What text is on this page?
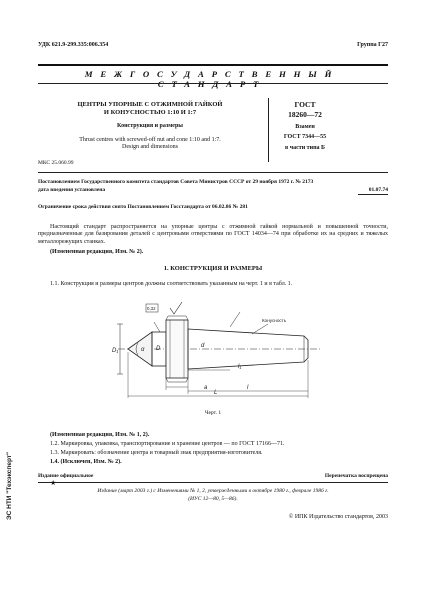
УДК 621.9-299.335:006.354	Группа Г27
МЕЖГОСУДАРСТВЕННЫЙ СТАНДАРТ
ЦЕНТРЫ УПОРНЫЕ С ОТЖИМНОЙ ГАЙКОЙ
И КОНУСНОСТЬЮ 1:10 И 1:7
Конструкция и размеры
Thrust centres with screwed-off nut and cone 1:10 and 1:7.
Design and dimensions
ГОСТ
18260—72
Взамен
ГОСТ 7344—55
в части типа Б
МКС 25.060.99
Постановлением Государственного комитета стандартов Совета Министров СССР от 29 ноября 1972 г. № 2173
дата введения установлена	01.07.74
Ограничение срока действия снято Постановлением Госстандарта от 06.02.86 № 281
Настоящий стандарт распространяется на упорные центры с отжимной гайкой нормальной и повышенной точности, предназначенные для базирования деталей с центровыми отверстиями по ГОСТ 14034—74 при обработке их на средних и тяжелых металлорежущих станках.
(Измененная редакция, Изм. № 2).
1. КОНСТРУКЦИЯ И РАЗМЕРЫ
1.1. Конструкция и размеры центров должны соответствовать указанным на черт. 1 и в табл. 1.
Конусность
α
d
D
D₁
l₁
a	l
L
0,32
Черт. 1
(Измененная редакция, Изм. № 1, 2).
1.2. Маркировка, упаковка, транспортирование и хранение центров — по ГОСТ 17166—71.
1.3. Маркировать: обозначение центра и товарный знак предприятия-изготовителя.
1.4. (Исключен, Изм. № 2).
Издание официальное	Перепечатка воспрещена
★
Издание (март 2003 г.) с Изменениями № 1, 2, утвержденными в октябре 1980 г., феврале 1986 г.
(ИУС 12—80, 5—86).
© ИПК Издательство стандартов, 2003
ЭС НТИ "Техэксперт"
